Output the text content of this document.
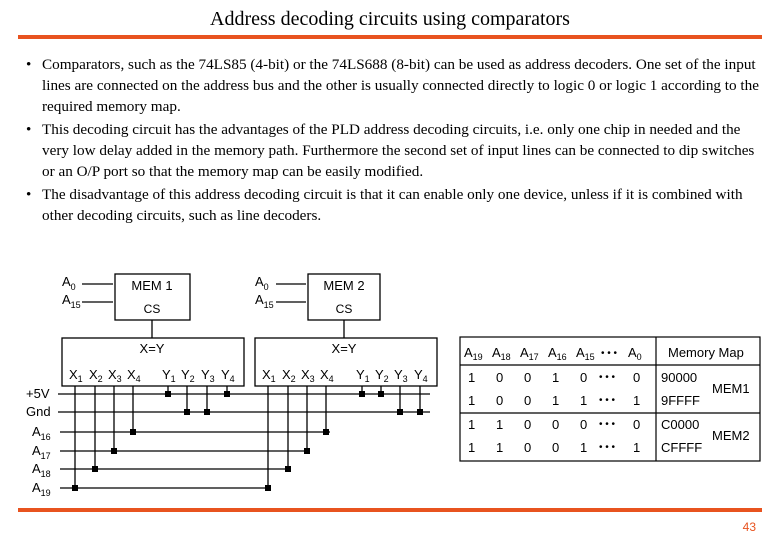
Address decoding circuits using comparators
• Comparators, such as the 74LS85 (4-bit) or the 74LS688 (8-bit) can be used as address decoders. One set of the input lines are connected on the address bus and the other is usually connected directly to logic 0 or logic 1 according to the required memory map.
• This decoding circuit has the advantages of the PLD address decoding circuits, i.e. only one chip in needed and the very low delay added in the memory path. Furthermore the second set of input lines can be connected to dip switches or an O/P port so that the memory map can be easily modified.
• The disadvantage of this address decoding circuit is that it can enable only one device, unless if it is combined with other decoding circuits, such as line decoders.
MEM 1
CS
$A_0$
$A_{15}$
MEM 2
CS
$A_0$
$A_{15}$
X=Y	X=Y
$X_1$ $X_2$ $X_3$ $X_4$ $Y_1$ $Y_2$ $Y_3$ $Y_4$ $X_1$ $X_2$ $X_3$ $X_4$ $Y_1$ $Y_2$ $Y_3$ $Y_4$
+5V
Gnd
$A_{16}$
$A_{17}$
$A_{18}$
$A_{19}$
$A_{19}$ $A_{18}$ $A_{17}$ $A_{16}$ $A_{15}$ • • • $A_0$ Memory Map
1 0 0 1 0 • • • 0 90000
1 0 0 1 1 • • • 1 9FFFF
1 1 0 0 0 • • • 0 C0000
1 1 0 0 1 • • • 1 CFFFF
MEM1
MEM2
43
